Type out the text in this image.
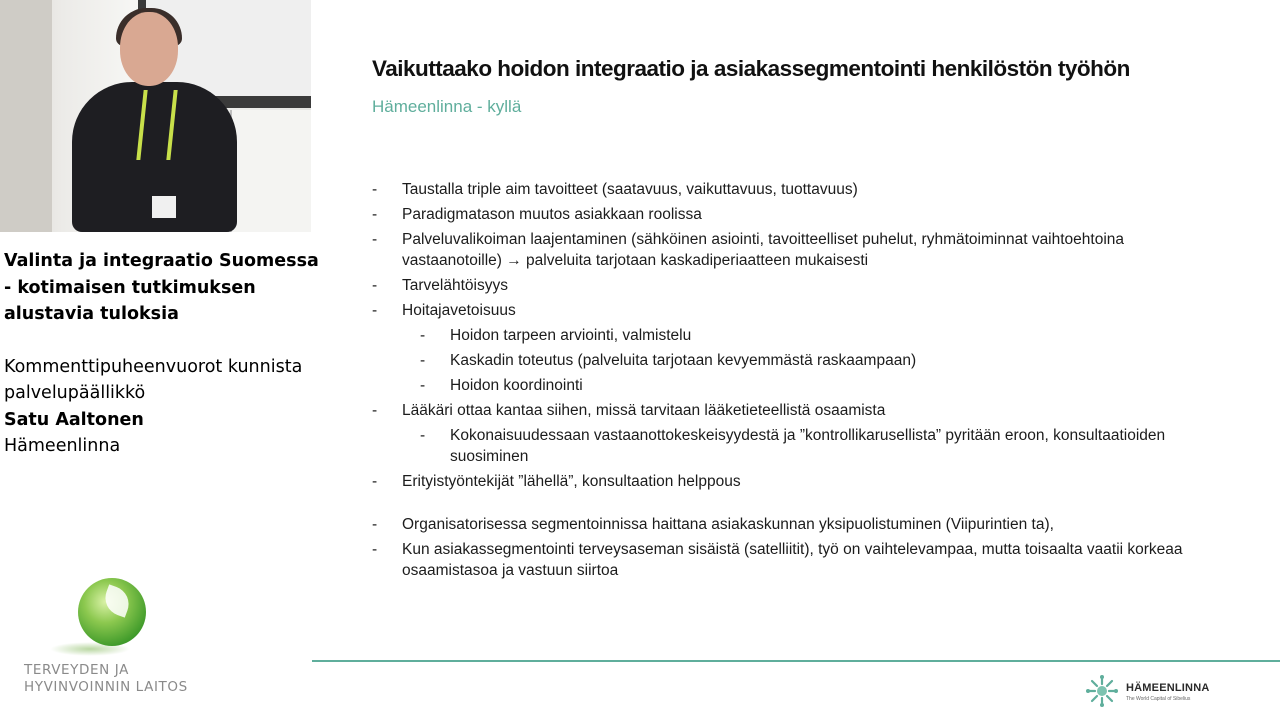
Valinta ja integraatio Suomessa
- kotimaisen tutkimuksen
alustavia tuloksia
Kommenttipuheenvuorot kunnista
palvelupäällikkö
Satu Aaltonen
Hämeenlinna
TERVEYDEN JA
HYVINVOINNIN LAITOS
Vaikuttaako hoidon integraatio ja asiakassegmentointi henkilöstön työhön
Hämeenlinna - kyllä
- Taustalla triple aim tavoitteet (saatavuus, vaikuttavuus, tuottavuus)
- Paradigmatason muutos asiakkaan roolissa
- Palveluvalikoiman laajentaminen (sähköinen asiointi, tavoitteelliset puhelut, ryhmätoiminnat vaihtoehtoina vastaanotoille) → palveluita tarjotaan kaskadiperiaatteen mukaisesti
- Tarvelähtöisyys
- Hoitajavetoisuus
- Hoidon tarpeen arviointi, valmistelu
- Kaskadin toteutus (palveluita tarjotaan kevyemmästä raskaampaan)
- Hoidon koordinointi
- Lääkäri ottaa kantaa siihen, missä tarvitaan lääketieteellistä osaamista
- Kokonaisuudessaan vastaanottokeskeisyydestä ja ”kontrollikarusellista” pyritään eroon, konsultaatioiden suosiminen
- Erityistyöntekijät ”lähellä”, konsultaation helppous
- Organisatorisessa segmentoinnissa haittana asiakaskunnan yksipuolistuminen (Viipurintien ta),
- Kun asiakassegmentointi terveysaseman sisäistä (satelliitit), työ on vaihtelevampaa, mutta toisaalta vaatii korkeaa osaamistasoa ja vastuun siirtoa
HÄMEENLINNA
The World Capital of Sibelius
